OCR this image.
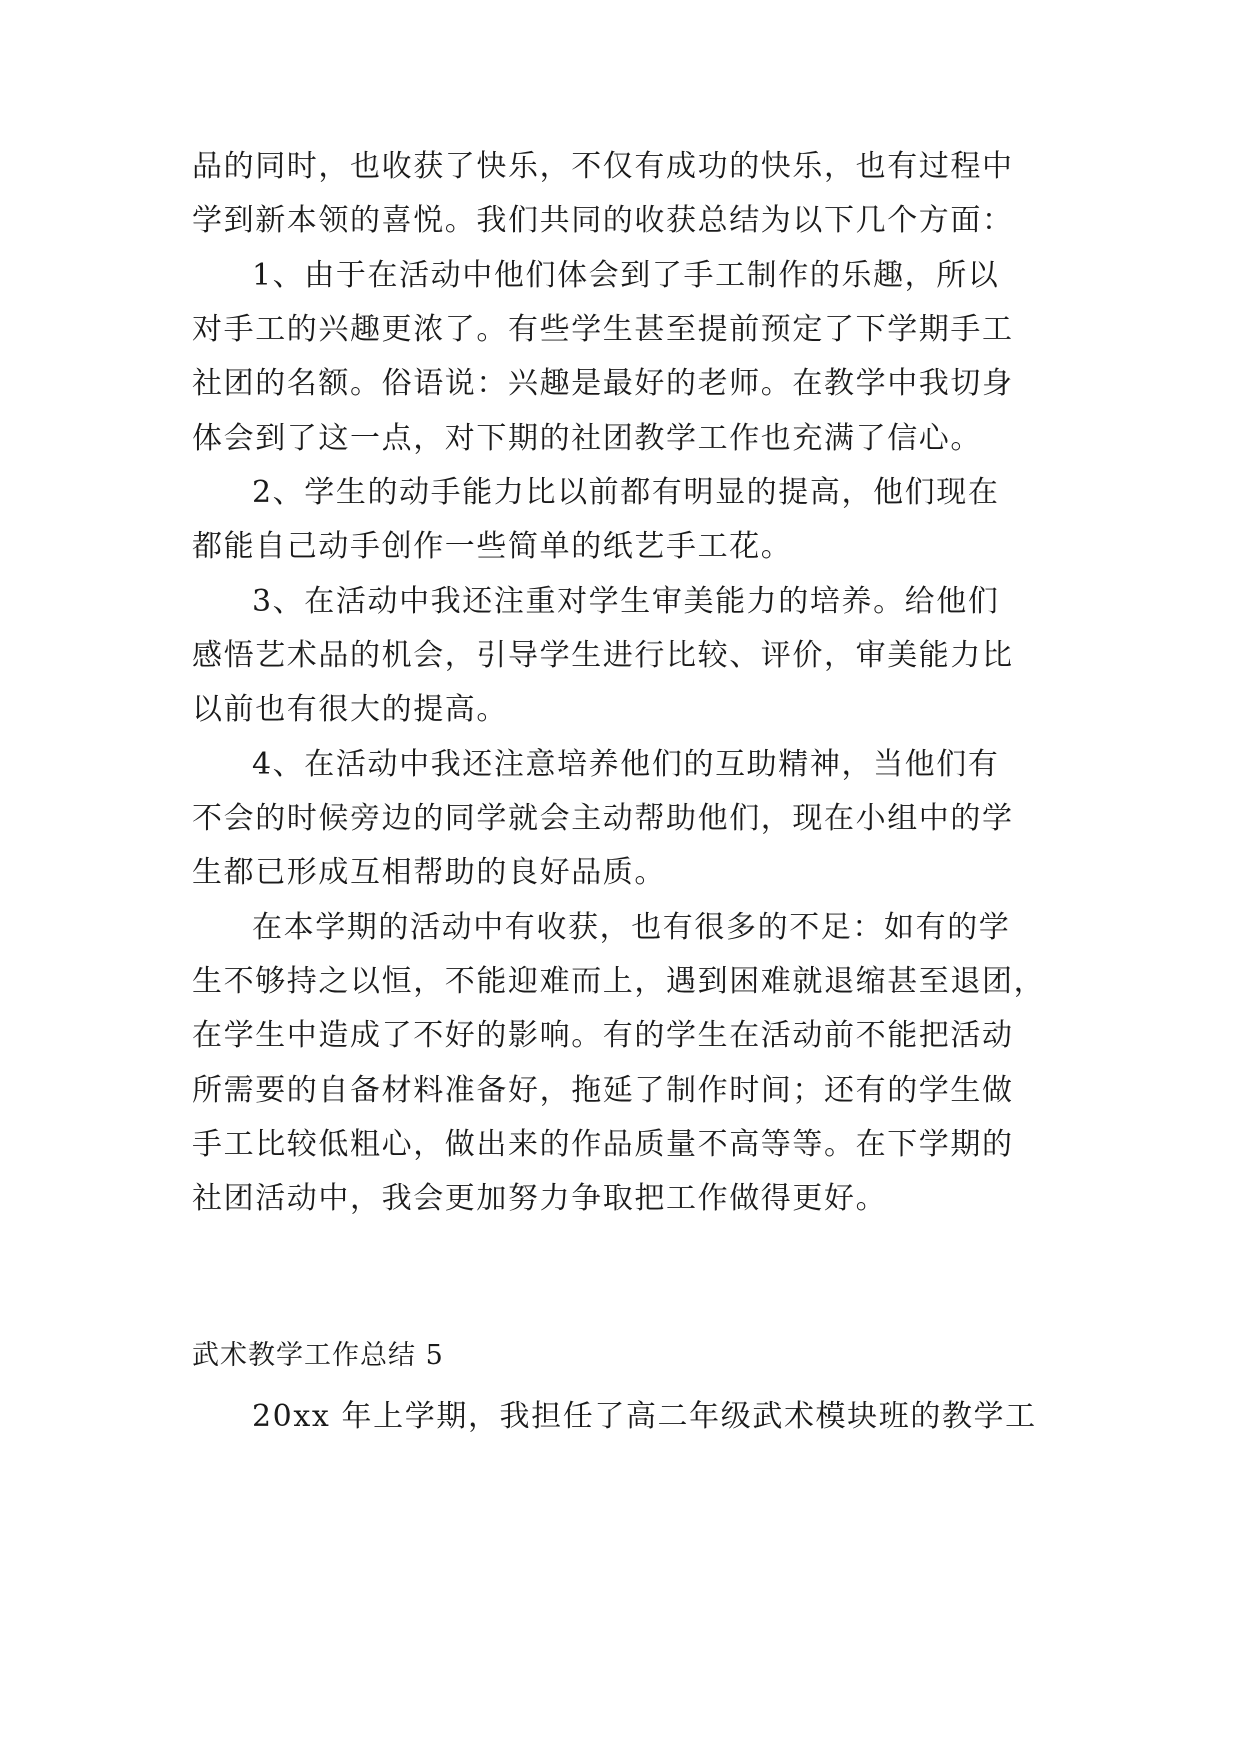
品的同时，也收获了快乐，不仅有成功的快乐，也有过程中
学到新本领的喜悦。我们共同的收获总结为以下几个方面：
1、由于在活动中他们体会到了手工制作的乐趣，所以
对手工的兴趣更浓了。有些学生甚至提前预定了下学期手工
社团的名额。俗语说：兴趣是最好的老师。在教学中我切身
体会到了这一点，对下期的社团教学工作也充满了信心。
2、学生的动手能力比以前都有明显的提高，他们现在
都能自己动手创作一些简单的纸艺手工花。
3、在活动中我还注重对学生审美能力的培养。给他们
感悟艺术品的机会，引导学生进行比较、评价，审美能力比
以前也有很大的提高。
4、在活动中我还注意培养他们的互助精神，当他们有
不会的时候旁边的同学就会主动帮助他们，现在小组中的学
生都已形成互相帮助的良好品质。
在本学期的活动中有收获，也有很多的不足：如有的学
生不够持之以恒，不能迎难而上，遇到困难就退缩甚至退团，
在学生中造成了不好的影响。有的学生在活动前不能把活动
所需要的自备材料准备好，拖延了制作时间；还有的学生做
手工比较低粗心，做出来的作品质量不高等等。在下学期的
社团活动中，我会更加努力争取把工作做得更好。
武术教学工作总结 5
20xx 年上学期，我担任了高二年级武术模块班的教学工
